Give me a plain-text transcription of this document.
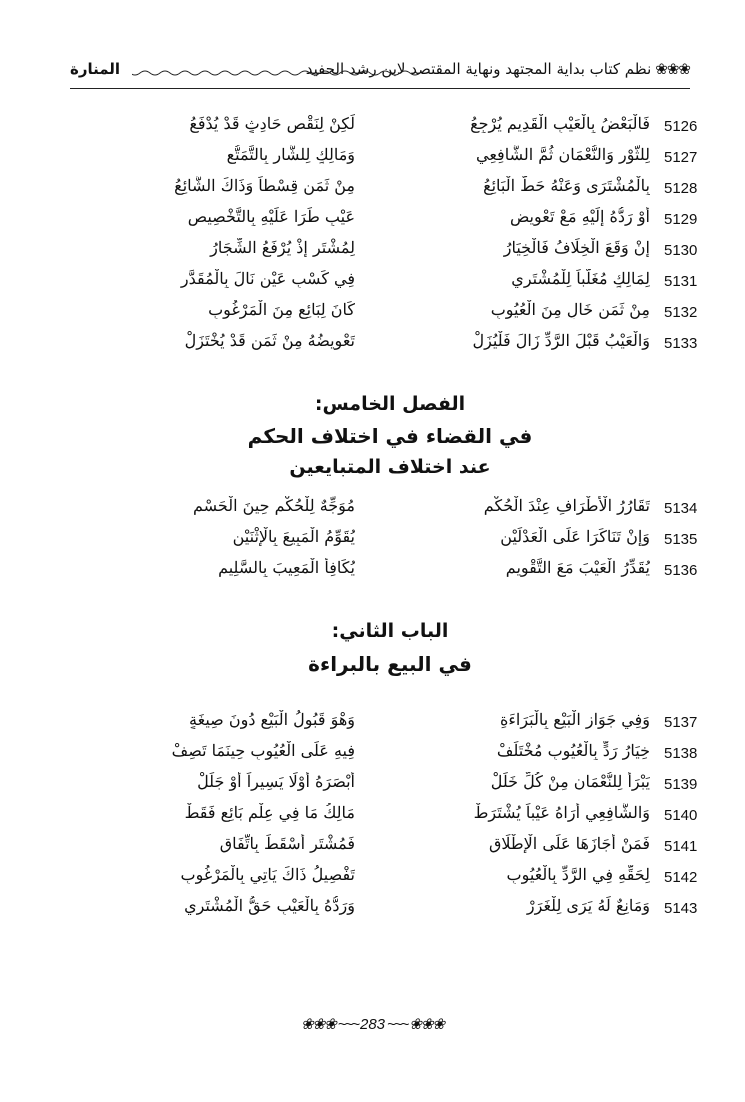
❀❀❀
نظم كتاب بداية المجتهد ونهاية المقتصد لابن رشد الحفيد
المنارة
5126
فَالْبَعْضُ بِالْعَيْبِ الْقَدِيمِ يُرْجِعُ
لَكِنْ لِنَقْصِ حَادِثٍ قَدْ يُدْفَعُ
5127
لِلثَّوْرِ وَالنُّعْمَانِ ثُمَّ الشَّافِعِي
وَمَالِكٍ لِلشَّارِ بِالتَّمَتُّعِ
5128
بِالْمُشْتَرَى وَعَنْهُ حَطَّ الْبَائِعُ
مِنْ ثَمَنٍ قِسْطاً وَذَاكَ الشَّائِعُ
5129
أَوْ رَدُّهُ إِلَيْهِ مَعْ تَعْوِيضِ
عَيْبٍ طَرَا عَلَيْهِ بِالتَّخْصِيصِ
5130
إِنْ وَقَعَ الْخِلَافُ فَالْخِيَارُ
لِمُشْتَرٍ إِذْ يُرْفَعُ الشِّجَارُ
5131
لِمَالِكٍ مُغَلَّباً لِلْمُشْتَرِي
فِي كَسْبِ عَيْنٍ نَالَ بِالْمُقَدَّرِ
5132
مِنْ ثَمَنٍ خَالٍ مِنَ الْعُيُوبِ
كَانَ لِبَائِعٍ مِنَ الْمَرْغُوبِ
5133
وَالْعَيْبُ قَبْلَ الرَّدِّ زَالَ فَلْيُزَلْ
تَعْوِيضُهُ مِنْ ثَمَنٍ قَدْ يُخْتَزَلْ
الفصل الخامس:
في القضاء في اختلاف الحكم
عند اختلاف المتبايعين
5134
تَقَارُرُ الْأَطْرَافِ عِنْدَ الْحُكْمِ
مُوَجِّهٌ لِلْحُكْمِ حِينَ الْحَسْمِ
5135
وَإِنْ تَنَاكَرَا عَلَى الْعَدْلَيْنِ
يُقَوِّمُ الْمَبِيعَ بِالْإِثْنَيْنِ
5136
يُقَدِّرُ الْعَيْبَ مَعَ التَّقْوِيمِ
يُكَافِأُ الْمَعِيبَ بِالسَّلِيمِ
الباب الثاني:
في البيع بالبراءة
5137
وَفِي جَوَازِ الْبَيْعِ بِالْبَرَاءَةِ
وَهْوَ قَبُولُ الْبَيْعِ دُونَ صِيغَةٍ
5138
خِيَارُ رَدٍّ بِالْعُيُوبِ مُخْتَلَفْ
فِيهِ عَلَى الْعُيُوبِ حِينَمَا تَصِفْ
5139
يَبْرَأُ لِلنُّعْمَانِ مِنْ كُلِّ خَلَلْ
أَبْصَرَهُ أَوْلَا يَسِيراً أَوْ جَلَلْ
5140
وَالشَّافِعِي أَرَاهُ عَيْباً يُشْتَرَطْ
مَالِكُ مَا فِي عِلْمِ بَائِعٍ فَقَطْ
5141
فَمَنْ أَجَازَهَا عَلَى الْإِطْلَاقِ
فَمُشْتَرٍ أَسْقَطَ بِاتِّفَاقِ
5142
لِحَقِّهِ فِي الرَّدِّ بِالْعُيُوبِ
تَفْصِيلُ ذَاكَ يَاتِي بِالْمَرْغُوبِ
5143
وَمَانِعٌ لَهُ يَرَى لِلْغَرَرْ
وَرَدُّهُ بِالْعَيْبِ حَقُّ الْمُشْتَرِي
❀❀❀ ~~~ 283 ~~~ ❀❀❀
